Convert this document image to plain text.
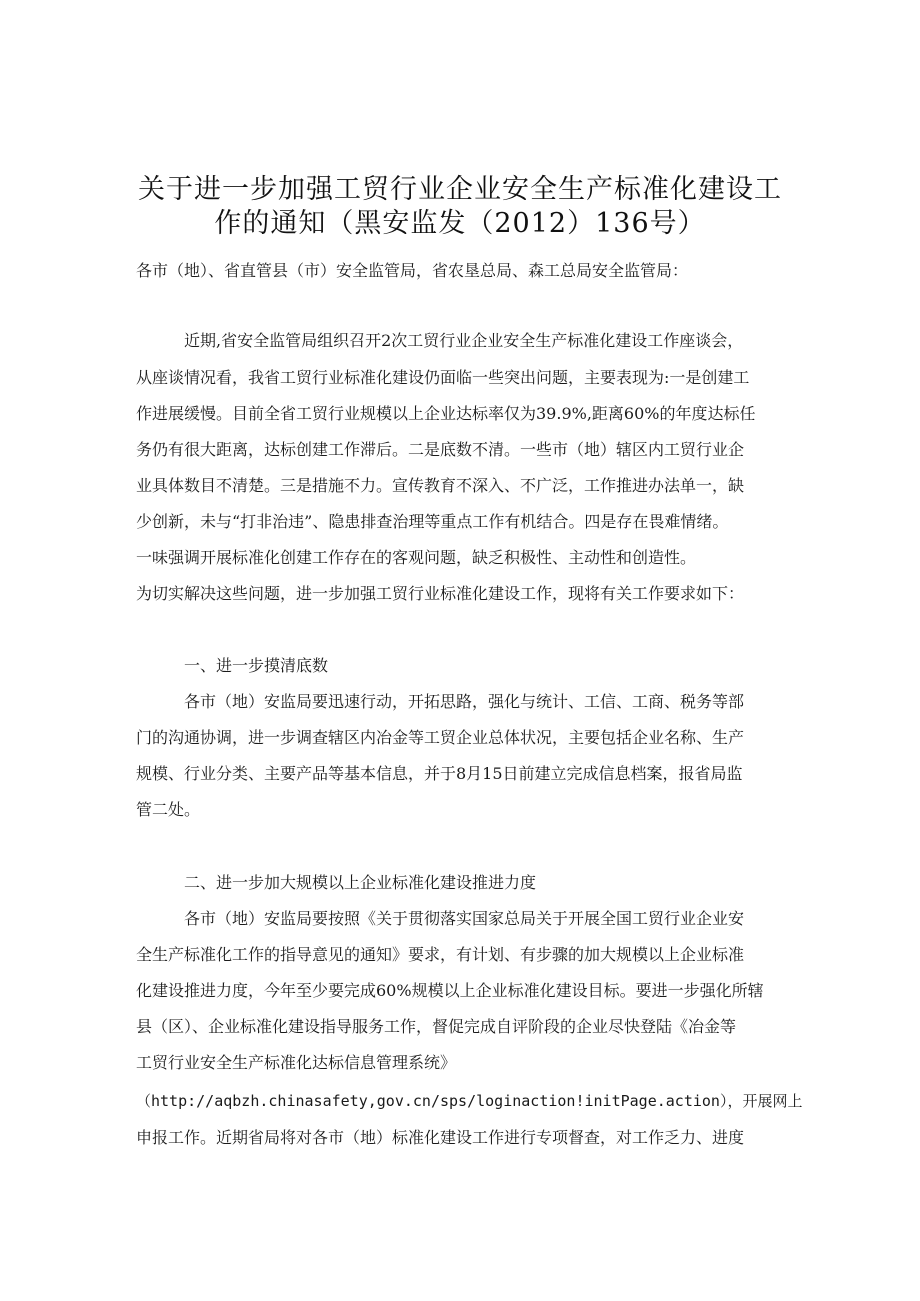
关于进一步加强工贸行业企业安全生产标准化建设工
作的通知（黑安监发（2012）136号）
各市（地）、省直管县（市）安全监管局，省农垦总局、森工总局安全监管局：
近期,省安全监管局组织召开2次工贸行业企业安全生产标准化建设工作座谈会，
从座谈情况看，我省工贸行业标准化建设仍面临一些突出问题，主要表现为:一是创建工
作进展缓慢。目前全省工贸行业规模以上企业达标率仅为39.9%,距离60%的年度达标任
务仍有很大距离，达标创建工作滞后。二是底数不清。一些市（地）辖区内工贸行业企
业具体数目不清楚。三是措施不力。宣传教育不深入、不广泛，工作推进办法单一，缺
少创新，未与“打非治违”、隐患排查治理等重点工作有机结合。四是存在畏难情绪。
一味强调开展标准化创建工作存在的客观问题，缺乏积极性、主动性和创造性。
为切实解决这些问题，进一步加强工贸行业标准化建设工作，现将有关工作要求如下：
一、进一步摸清底数
各市（地）安监局要迅速行动，开拓思路，强化与统计、工信、工商、税务等部
门的沟通协调，进一步调查辖区内冶金等工贸企业总体状况，主要包括企业名称、生产
规模、行业分类、主要产品等基本信息，并于8月15日前建立完成信息档案，报省局监
管二处。
二、进一步加大规模以上企业标准化建设推进力度
各市（地）安监局要按照《关于贯彻落实国家总局关于开展全国工贸行业企业安
全生产标准化工作的指导意见的通知》要求，有计划、有步骤的加大规模以上企业标准
化建设推进力度，今年至少要完成60%规模以上企业标准化建设目标。要进一步强化所辖
县（区）、企业标准化建设指导服务工作，督促完成自评阶段的企业尽快登陆《冶金等
工贸行业安全生产标准化达标信息管理系统》
（http://aqbzh.chinasafety,gov.cn/sps/loginaction!initPage.action），开展网上
申报工作。近期省局将对各市（地）标准化建设工作进行专项督查，对工作乏力、进度
